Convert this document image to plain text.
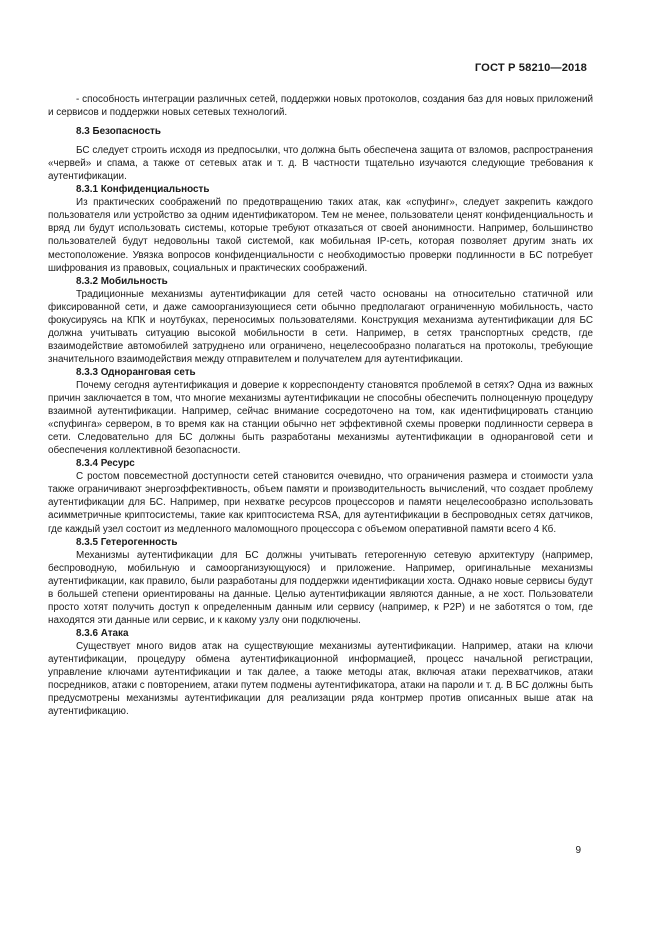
ГОСТ Р 58210—2018

- способность интеграции различных сетей, поддержки новых протоколов, создания баз для новых приложений и сервисов и поддержки новых сетевых технологий.

8.3 Безопасность

БС следует строить исходя из предпосылки, что должна быть обеспечена защита от взломов, распространения «червей» и спама, а также от сетевых атак и т. д. В частности тщательно изучаются следующие требования к аутентификации.

8.3.1 Конфиденциальность

Из практических соображений по предотвращению таких атак, как «спуфинг», следует закрепить каждого пользователя или устройство за одним идентификатором. Тем не менее, пользователи ценят конфиденциальность и вряд ли будут использовать системы, которые требуют отказаться от своей анонимности. Например, большинство пользователей будут недовольны такой системой, как мобильная IP-сеть, которая позволяет другим знать их местоположение. Увязка вопросов конфиденциальности с необходимостью проверки подлинности в БС потребует шифрования из правовых, социальных и практических соображений.

8.3.2 Мобильность

Традиционные механизмы аутентификации для сетей часто основаны на относительно статичной или фиксированной сети, и даже самоорганизующиеся сети обычно предполагают ограниченную мобильность, часто фокусируясь на КПК и ноутбуках, переносимых пользователями. Конструкция механизма аутентификации для БС должна учитывать ситуацию высокой мобильности в сети. Например, в сетях транспортных средств, где взаимодействие автомобилей затруднено или ограничено, нецелесообразно полагаться на протоколы, требующие значительного взаимодействия между отправителем и получателем для аутентификации.

8.3.3 Одноранговая сеть

Почему сегодня аутентификация и доверие к корреспонденту становятся проблемой в сетях? Одна из важных причин заключается в том, что многие механизмы аутентификации не способны обеспечить полноценную процедуру взаимной аутентификации. Например, сейчас внимание сосредоточено на том, как идентифицировать станцию «спуфинга» сервером, в то время как на станции обычно нет эффективной схемы проверки подлинности сервера в сети. Следовательно для БС должны быть разработаны механизмы аутентификации в одноранговой сети и обеспечения коллективной безопасности.

8.3.4 Ресурс

С ростом повсеместной доступности сетей становится очевидно, что ограничения размера и стоимости узла также ограничивают энергоэффективность, объем памяти и производительность вычислений, что создает проблему аутентификации для БС. Например, при нехватке ресурсов процессоров и памяти нецелесообразно использовать асимметричные криптосистемы, такие как криптосистема RSA, для аутентификации в беспроводных сетях датчиков, где каждый узел состоит из медленного маломощного процессора с объемом оперативной памяти всего 4 Кб.

8.3.5 Гетерогенность

Механизмы аутентификации для БС должны учитывать гетерогенную сетевую архитектуру (например, беспроводную, мобильную и самоорганизующуюся) и приложение. Например, оригинальные механизмы аутентификации, как правило, были разработаны для поддержки идентификации хоста. Однако новые сервисы будут в большей степени ориентированы на данные. Целью аутентификации являются данные, а не хост. Пользователи просто хотят получить доступ к определенным данным или сервису (например, к P2P) и не заботятся о том, где находятся эти данные или сервис, и к какому узлу они подключены.

8.3.6 Атака

Существует много видов атак на существующие механизмы аутентификации. Например, атаки на ключи аутентификации, процедуру обмена аутентификационной информацией, процесс начальной регистрации, управление ключами аутентификации и так далее, а также методы атак, включая атаки перехватчиков, атаки посредников, атаки с повторением, атаки путем подмены аутентификатора, атаки на пароли и т. д. В БС должны быть предусмотрены механизмы аутентификации для реализации ряда контрмер против описанных выше атак на аутентификацию.

9
